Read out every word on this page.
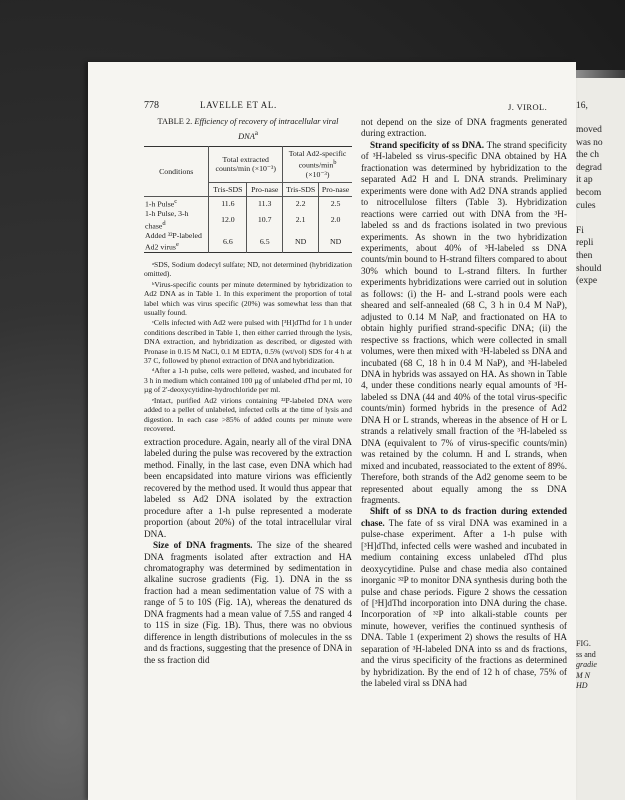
16,
moved
was no
the ch
degrad
it ap
becom
cules
Fi
repli
then
should
(expe
FIG.
ss and
gradie
M N
HD
778	LAVELLE ET AL.	J. VIROL.
TABLE 2. Efficiency of recovery of intracellular viral DNA$^a$
Conditions	Total extracted counts/min (×10⁻³)		Total Ad2-specific counts/$\min^b$
(×10⁻³)	
	Tris-SDS	Pro-nase	Tris-SDS	Pro-nase
1-h Pulse$^c$	11.6	11.3	2.2	2.5
1-h Pulse, 3-h chase$^d$	12.0	10.7	2.1	2.0
Added ³²P-labeled Ad2 virus$^e$	6.6	6.5	ND	ND

ᵃSDS, Sodium dodecyl sulfate; ND, not determined (hybridization omitted).

ᵇVirus-specific counts per minute determined by hybridization to Ad2 DNA as in Table 1. In this experiment the proportion of total label which was virus specific (20%) was somewhat less than that usually found.

ᶜCells infected with Ad2 were pulsed with [³H]dThd for 1 h under conditions described in Table 1, then either carried through the lysis, DNA extraction, and hybridization as described, or digested with Pronase in 0.15 M NaCl, 0.1 M EDTA, 0.5% (wt/vol) SDS for 4 h at 37 C, followed by phenol extraction of DNA and hybridization.

ᵈAfter a 1-h pulse, cells were pelleted, washed, and incubated for 3 h in medium which contained 100 µg of unlabeled dThd per ml, 10 µg of 2′-deoxycytidine-hydrochloride per ml.

ᵉIntact, purified Ad2 virions containing ³²P-labeled DNA were added to a pellet of unlabeled, infected cells at the time of lysis and digestion. In each case >85% of added counts per minute were recovered.

extraction procedure. Again, nearly all of the viral DNA labeled during the pulse was recovered by the extraction method. Finally, in the last case, even DNA which had been encapsidated into mature virions was efficiently recovered by the method used. It would thus appear that labeled ss Ad2 DNA isolated by the extraction procedure after a 1-h pulse represented a moderate proportion (about 20%) of the total intracellular viral DNA.

Size of DNA fragments. The size of the sheared DNA fragments isolated after extraction and HA chromatography was determined by sedimentation in alkaline sucrose gradients (Fig. 1). DNA in the ss fraction had a mean sedimentation value of 7S with a range of 5 to 10S (Fig. 1A), whereas the denatured ds DNA fragments had a mean value of 7.5S and ranged 4 to 11S in size (Fig. 1B). Thus, there was no obvious difference in length distributions of molecules in the ss and ds fractions, suggesting that the presence of DNA in the ss fraction did

not depend on the size of DNA fragments generated during extraction.

Strand specificity of ss DNA. The strand specificity of ³H-labeled ss virus-specific DNA obtained by HA fractionation was determined by hybridization to the separated Ad2 H and L DNA strands. Preliminary experiments were done with Ad2 DNA strands applied to nitrocellulose filters (Table 3). Hybridization reactions were carried out with DNA from the ³H-labeled ss and ds fractions isolated in two previous experiments. As shown in the two hybridization experiments, about 40% of ³H-labeled ss DNA counts/min bound to H-strand filters compared to about 30% which bound to L-strand filters. In further experiments hybridizations were carried out in solution as follows: (i) the H- and L-strand pools were each sheared and self-annealed (68 C, 3 h in 0.4 M NaP), adjusted to 0.14 M NaP, and fractionated on HA to obtain highly purified strand-specific DNA; (ii) the respective ss fractions, which were collected in small volumes, were then mixed with ³H-labeled ss DNA and incubated (68 C, 18 h in 0.4 M NaP), and ³H-labeled DNA in hybrids was assayed on HA. As shown in Table 4, under these conditions nearly equal amounts of ³H-labeled ss DNA (44 and 40% of the total virus-specific counts/min) formed hybrids in the presence of Ad2 DNA H or L strands, whereas in the absence of H or L strands a relatively small fraction of the ³H-labeled ss DNA (equivalent to 7% of virus-specific counts/min) was retained by the column. H and L strands, when mixed and incubated, reassociated to the extent of 89%. Therefore, both strands of the Ad2 genome seem to be represented about equally among the ss DNA fragments.

Shift of ss DNA to ds fraction during extended chase. The fate of ss viral DNA was examined in a pulse-chase experiment. After a 1-h pulse with [³H]dThd, infected cells were washed and incubated in medium containing excess unlabeled dThd plus deoxycytidine. Pulse and chase media also contained inorganic ³²P to monitor DNA synthesis during both the pulse and chase periods. Figure 2 shows the cessation of [³H]dThd incorporation into DNA during the chase. Incorporation of ³²P into alkali-stable counts per minute, however, verifies the continued synthesis of DNA. Table 1 (experiment 2) shows the results of HA separation of ³H-labeled DNA into ss and ds fractions, and the virus specificity of the fractions as determined by hybridization. By the end of 12 h of chase, 75% of the labeled viral ss DNA had
